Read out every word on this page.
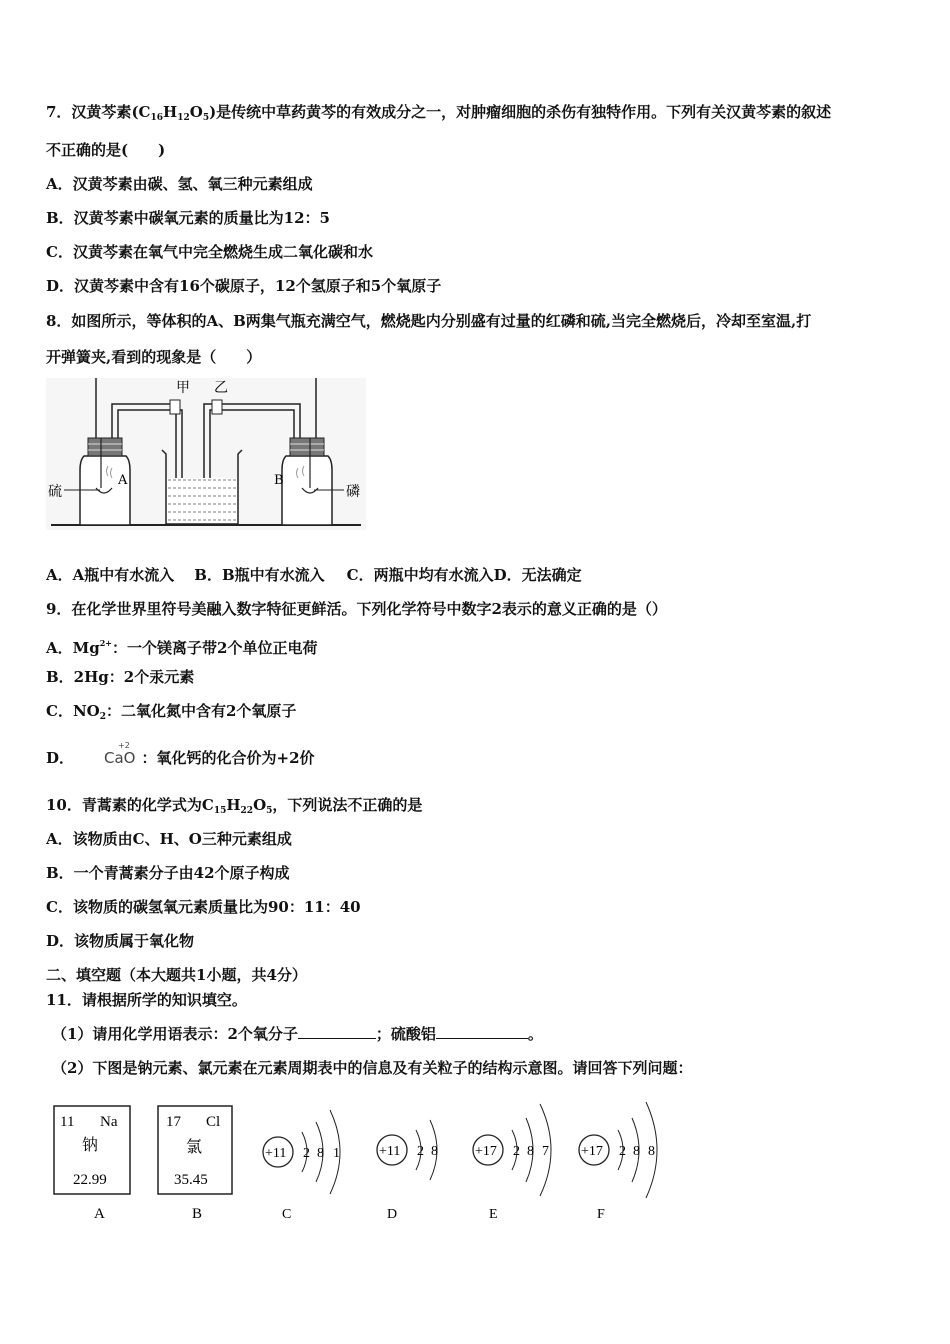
7．汉黄芩素$(C_{16}H_{12}O_5)$是传统中草药黄芩的有效成分之一，对肿瘤细胞的杀伤有独特作用。下列有关汉黄芩素的叙述
不正确的是(　　)
A．汉黄芩素由碳、氢、氧三种元素组成
B．汉黄芩素中碳氧元素的质量比为12：5
C．汉黄芩素在氧气中完全燃烧生成二氧化碳和水
D．汉黄芩素中含有16个碳原子，12个氢原子和5个氧原子
8．如图所示，等体积的A、B两集气瓶充满空气，燃烧匙内分别盛有过量的红磷和硫,当完全燃烧后，冷却至室温,打
开弹簧夹,看到的现象是（　　）
甲 乙
硫
A	B
磷
A．A瓶中有水流入 B．B瓶中有水流入 C．两瓶中均有水流入D．无法确定
9．在化学世界里符号美融入数字特征更鲜活。下列化学符号中数字2表示的意义正确的是（）
A．$Mg^{2+}$：一个镁离子带2个单位正电荷
B．2Hg：2个汞元素
C．$NO_2$：二氧化氮中含有2个氧原子
D．
+2
CaO ：氧化钙的化合价为+2价
10．青蒿素的化学式为$C_{15}H_{22}O_5$，下列说法不正确的是
A．该物质由C、H、O三种元素组成
B．一个青蒿素分子由42个原子构成
C．该物质的碳氢氧元素质量比为90：11：40
D．该物质属于氧化物
二、填空题（本大题共1小题，共4分）
11．请根据所学的知识填空。
（1）请用化学用语表示：2个氧分子	；硫酸铝	。
（2）下图是钠元素、氯元素在元素周期表中的信息及有关粒子的结构示意图。请回答下列问题：
11 Na
钠
22.99
A
17 Cl
氯
35.45
B
+11 2 8 1
C
+11 2 8
D
+17 2 8 7
E
+17 2 8 8
F
